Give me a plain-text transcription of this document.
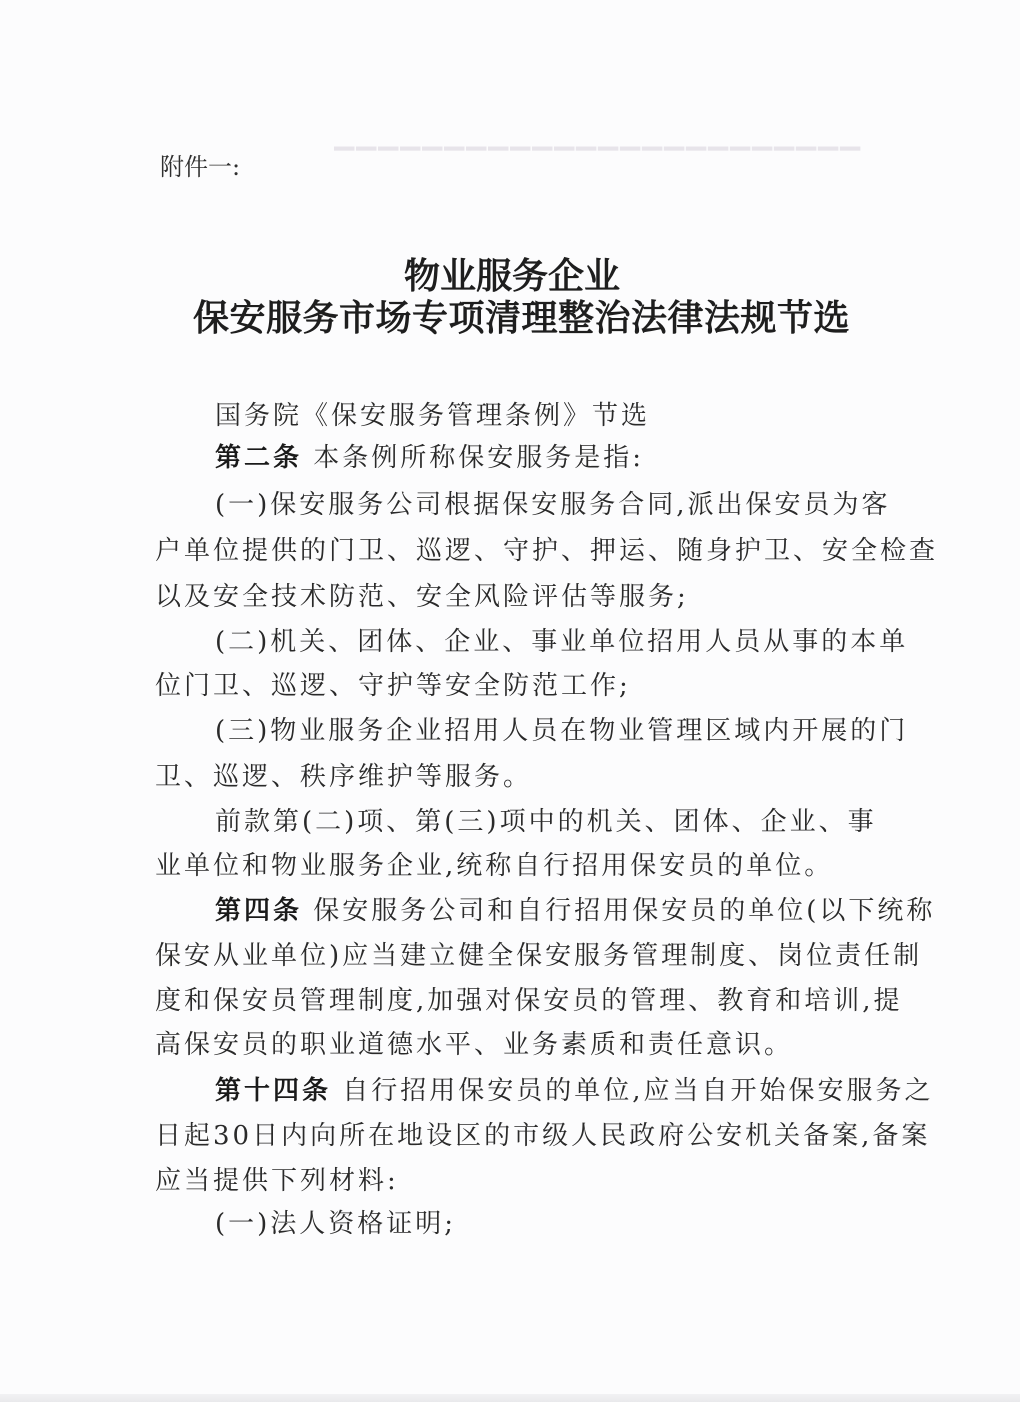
▔▔▔▔▔▔▔▔▔▔▔▔▔▔▔▔▔▔▔▔▔▔▔▔
附件一:
物业服务企业
保安服务市场专项清理整治法律法规节选
国务院《保安服务管理条例》节选
第二条 本条例所称保安服务是指:
(一)保安服务公司根据保安服务合同,派出保安员为客
户单位提供的门卫、巡逻、守护、押运、随身护卫、安全检查
以及安全技术防范、安全风险评估等服务;
(二)机关、团体、企业、事业单位招用人员从事的本单
位门卫、巡逻、守护等安全防范工作;
(三)物业服务企业招用人员在物业管理区域内开展的门
卫、巡逻、秩序维护等服务。
前款第(二)项、第(三)项中的机关、团体、企业、事
业单位和物业服务企业,统称自行招用保安员的单位。
第四条 保安服务公司和自行招用保安员的单位(以下统称
保安从业单位)应当建立健全保安服务管理制度、岗位责任制
度和保安员管理制度,加强对保安员的管理、教育和培训,提
高保安员的职业道德水平、业务素质和责任意识。
第十四条 自行招用保安员的单位,应当自开始保安服务之
日起30日内向所在地设区的市级人民政府公安机关备案,备案
应当提供下列材料:
(一)法人资格证明;
